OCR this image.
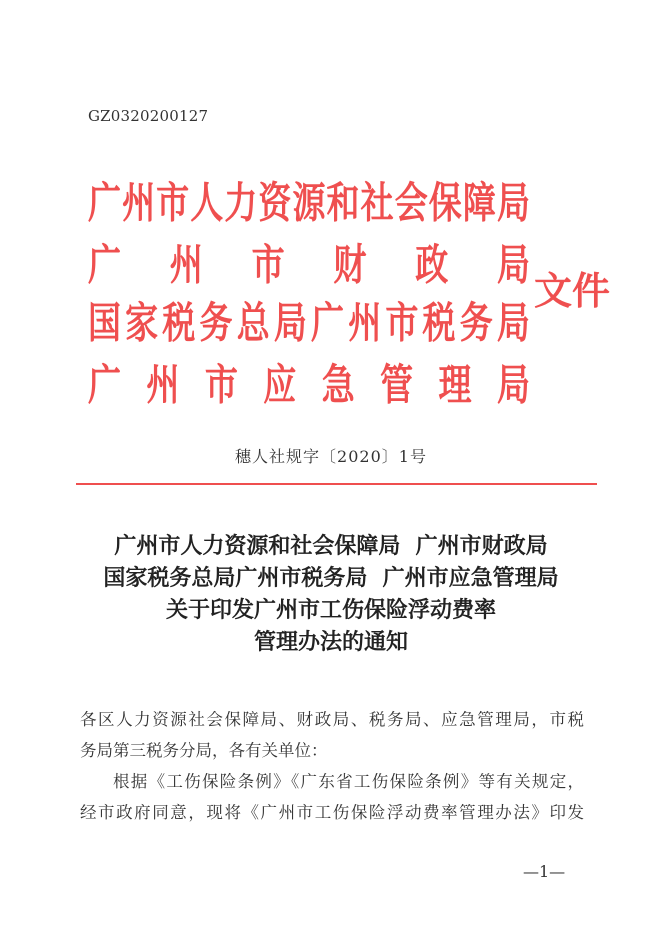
GZ0320200127
广 州 市 人 力 资 源 和 社 会 保 障 局
广 州 市 财 政 局
国 家 税 务 总 局 广 州 市 税 务 局
广 州 市 应 急 管 理 局
文件
穗人社规字〔2020〕1号
广州市人力资源和社会保障局  广州市财政局
国家税务总局广州市税务局  广州市应急管理局
关于印发广州市工伤保险浮动费率
管理办法的通知
各区人力资源社会保障局、财政局、税务局、应急管理局，市税
务局第三税务分局，各有关单位：
根据《工伤保险条例》《广东省工伤保险条例》等有关规定，
经市政府同意，现将《广州市工伤保险浮动费率管理办法》印发
—1—
